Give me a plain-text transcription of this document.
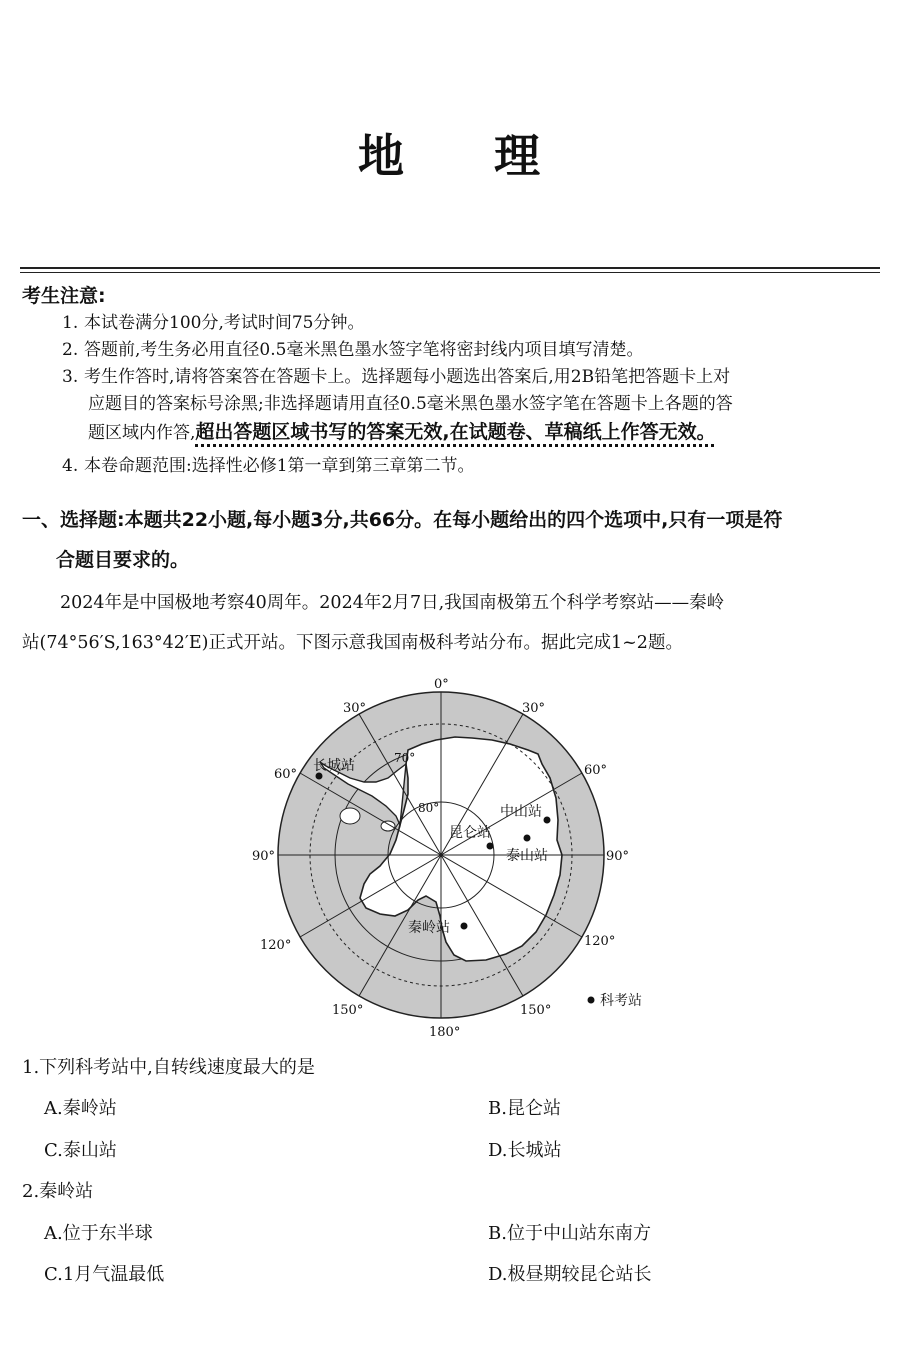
地 理
考生注意:
1. 本试卷满分100分,考试时间75分钟。
2. 答题前,考生务必用直径0.5毫米黑色墨水签字笔将密封线内项目填写清楚。
3. 考生作答时,请将答案答在答题卡上。选择题每小题选出答案后,用2B铅笔把答题卡上对
应题目的答案标号涂黑;非选择题请用直径0.5毫米黑色墨水签字笔在答题卡上各题的答
题区域内作答,超出答题区域书写的答案无效,在试题卷、草稿纸上作答无效。
4. 本卷命题范围:选择性必修1第一章到第三章第二节。
一、选择题:本题共22小题,每小题3分,共66分。在每小题给出的四个选项中,只有一项是符
合题目要求的。
2024年是中国极地考察40周年。2024年2月7日,我国南极第五个科学考察站——秦岭
站(74°56′S,163°42′E)正式开站。下图示意我国南极科考站分布。据此完成1~2题。
0°
30°	30°
60°	60°
90°	90°
120°	120°
150°	150°
180°
70°
80°
长城站
中山站
昆仑站
泰山站
秦岭站
科考站
1.下列科考站中,自转线速度最大的是
A.秦岭站	B.昆仑站
C.泰山站	D.长城站
2.秦岭站
A.位于东半球	B.位于中山站东南方
C.1月气温最低	D.极昼期较昆仑站长
